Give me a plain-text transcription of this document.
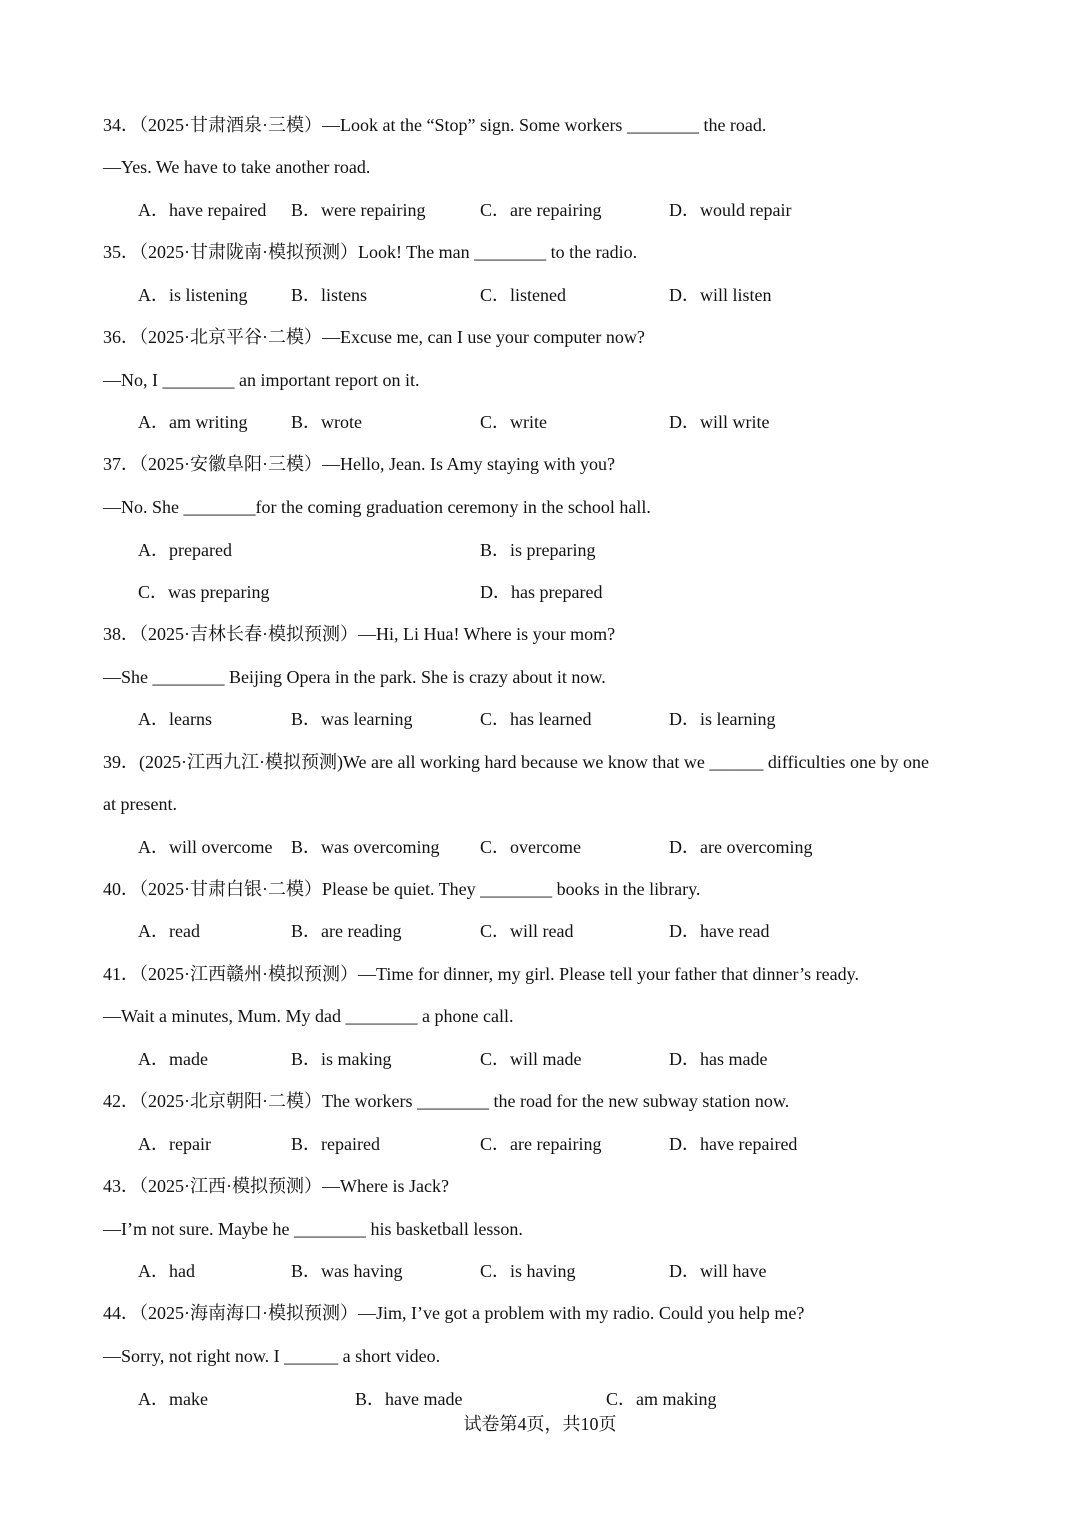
34．（2025·甘肃酒泉·三模）—Look at the “Stop” sign. Some workers ________ the road.
—Yes. We have to take another road.
A．have repaired B．were repairing	C．are repairing	D．would repair
35．（2025·甘肃陇南·模拟预测）Look! The man ________ to the radio.
A．is listening B．listens	C．listened	D．will listen
36．（2025·北京平谷·二模）—Excuse me, can I use your computer now?
—No, I ________ an important report on it.
A．am writing B．wrote	C．write	D．will write
37．（2025·安徽阜阳·三模）—Hello, Jean. Is Amy staying with you?
—No. She ________for the coming graduation ceremony in the school hall.
A．prepared	B．is preparing
C．was preparing	D．has prepared
38．（2025·吉林长春·模拟预测）—Hi, Li Hua! Where is your mom?
—She ________ Beijing Opera in the park. She is crazy about it now.
A．learns	B．was learning	C．has learned	D．is learning
39．(2025·江西九江·模拟预测)We are all working hard because we know that we ______ difficulties one by one
at present.
A．will overcome B．was overcoming C．overcome	D．are overcoming
40．（2025·甘肃白银·二模）Please be quiet. They ________ books in the library.
A．read	B．are reading	C．will read	D．have read
41．（2025·江西赣州·模拟预测）—Time for dinner, my girl. Please tell your father that dinner’s ready.
—Wait a minutes, Mum. My dad ________ a phone call.
A．made	B．is making	C．will made	D．has made
42．（2025·北京朝阳·二模）The workers ________ the road for the new subway station now.
A．repair	B．repaired	C．are repairing	D．have repaired
43．（2025·江西·模拟预测）—Where is Jack?
—I’m not sure. Maybe he ________ his basketball lesson.
A．had	B．was having	C．is having	D．will have
44．（2025·海南海口·模拟预测）—Jim, I’ve got a problem with my radio. Could you help me?
—Sorry, not right now. I ______ a short video.
A．make	B．have made	C．am making
试卷第4页，共10页
